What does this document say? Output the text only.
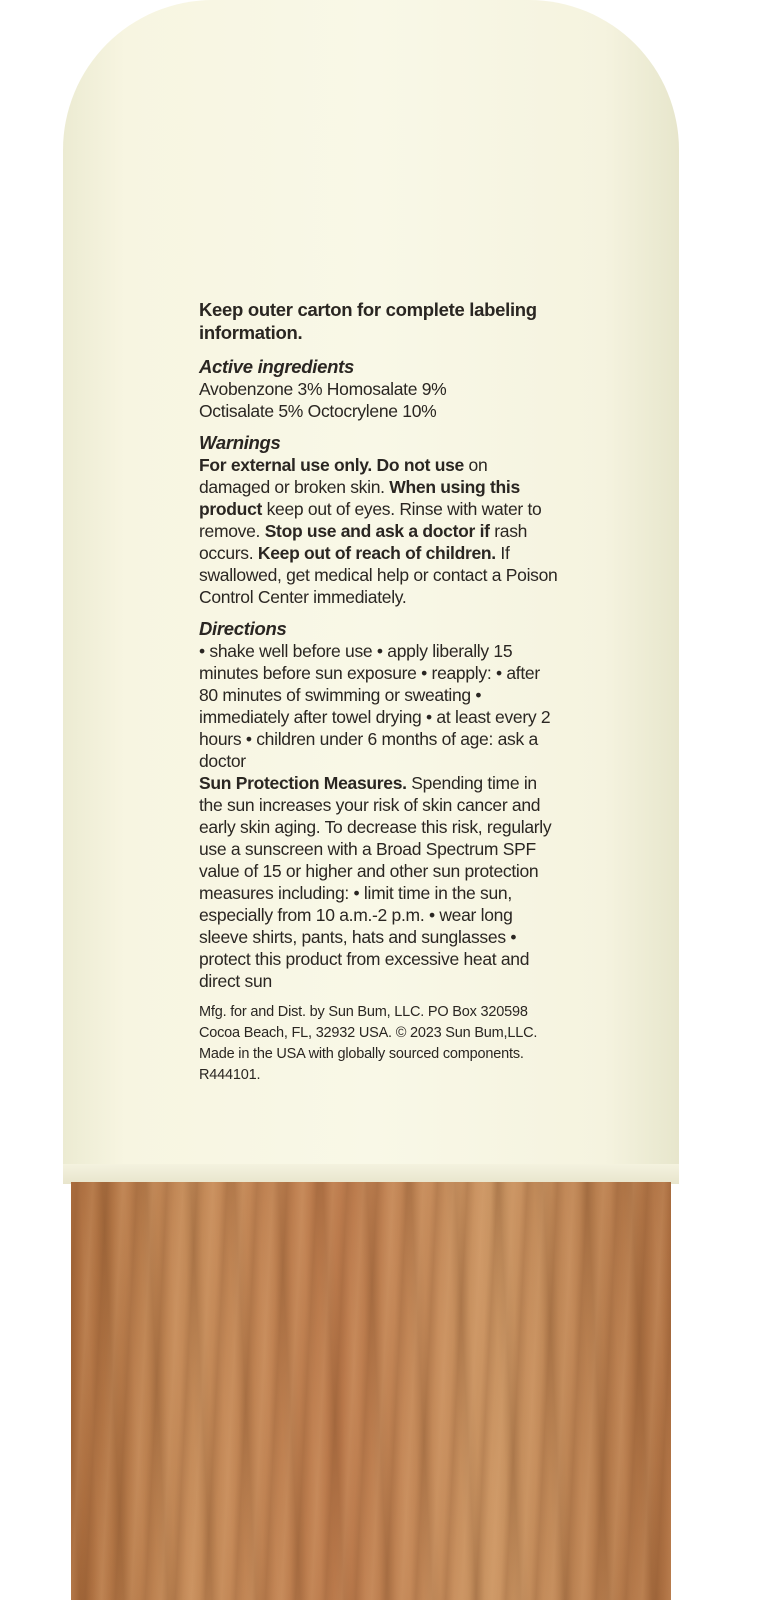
Keep outer carton for complete labeling information.

Active ingredients

Avobenzone 3% Homosalate 9%

Octisalate 5% Octocrylene 10%

Warnings

For external use only. Do not use on damaged or broken skin. When using this product keep out of eyes. Rinse with water to remove. Stop use and ask a doctor if rash occurs. Keep out of reach of children. If swallowed, get medical help or contact a Poison Control Center immediately.

Directions

• shake well before use • apply liberally 15 minutes before sun exposure • reapply: • after 80 minutes of swimming or sweating • immediately after towel drying • at least every 2 hours • children under 6 months of age: ask a doctor

Sun Protection Measures. Spending time in the sun increases your risk of skin cancer and early skin aging. To decrease this risk, regularly use a sunscreen with a Broad Spectrum SPF value of 15 or higher and other sun protection measures including: • limit time in the sun, especially from 10 a.m.-2 p.m. • wear long sleeve shirts, pants, hats and sunglasses • protect this product from excessive heat and direct sun

Mfg. for and Dist. by Sun Bum, LLC. PO Box 320598

Cocoa Beach, FL, 32932 USA. © 2023 Sun Bum,LLC.

Made in the USA with globally sourced components.

R444101.
